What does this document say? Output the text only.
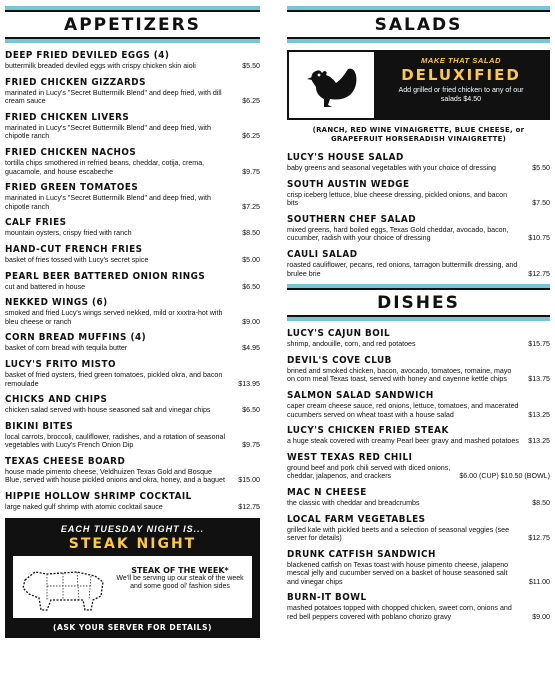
APPETIZERS
DEEP FRIED DEVILED EGGS (4)
buttermilk breaded deviled eggs with crispy chicken skin aioli	$5.50
FRIED CHICKEN GIZZARDS
marinated in Lucy's "Secret Buttermilk Blend" and deep fried, with dill cream sauce	$6.25
FRIED CHICKEN LIVERS
marinated in Lucy's "Secret Buttermilk Blend" and deep fried, with chipotle ranch	$6.25
FRIED CHICKEN NACHOS
tortilla chips smothered in refried beans, cheddar, cotija, crema, guacamole, and house escabeche	$9.75
FRIED GREEN TOMATOES
marinated in Lucy's "Secret Buttermilk Blend" and deep fried, with chipotle ranch	$7.25
CALF FRIES
mountain oysters, crispy fried with ranch	$8.50
HAND-CUT FRENCH FRIES
basket of fries tossed with Lucy's secret spice	$5.00
PEARL BEER BATTERED ONION RINGS
cut and battered in house	$6.50
NEKKED WINGS (6)
smoked and fried Lucy's wings served nekked, mild or xxxtra-hot with bleu cheese or ranch	$9.00
CORN BREAD MUFFINS (4)
basket of corn bread with tequila butter	$4.95
LUCY'S FRITO MISTO
basket of fried oysters, fried green tomatoes, pickled okra, and bacon remoulade	$13.95
CHICKS AND CHIPS
chicken salad served with house seasoned salt and vinegar chips	$6.50
BIKINI BITES
local carrots, broccoli, cauliflower, radishes, and a rotation of seasonal vegetables with Lucy's French Onion Dip	$9.75
TEXAS CHEESE BOARD
house made pimento cheese, Veldhuizen Texas Gold and Bosque Blue, served with house pickled onions and okra, honey, and a baguet	$15.00
HIPPIE HOLLOW SHRIMP COCKTAIL
large naked gulf shrimp with atomic cocktail sauce	$12.75
EACH TUESDAY NIGHT IS...
STEAK NIGHT
STEAK OF THE WEEK*
We'll be serving up our steak of the week and some good ol' fashion sides
(ASK YOUR SERVER FOR DETAILS)
SALADS
MAKE THAT SALAD
DELUXIFIED
Add grilled or fried chicken to any of our salads $4.50
(RANCH, RED WINE VINAIGRETTE, BLUE CHEESE, or GRAPEFRUIT HORSERADISH VINAIGRETTE)
LUCY'S HOUSE SALAD
baby greens and seasonal vegetables with your choice of dressing	$5.50
SOUTH AUSTIN WEDGE
crisp iceberg lettuce, blue cheese dressing, pickled onions, and bacon bits	$7.50
SOUTHERN CHEF SALAD
mixed greens, hard boiled eggs, Texas Gold cheddar, avocado, bacon, cucumber, radish with your choice of dressing	$10.75
CAULI SALAD
roasted cauliflower, pecans, red onions, tarragon buttermilk dressing, and brulee brie	$12.75
DISHES
LUCY'S CAJUN BOIL
shrimp, andouille, corn, and red potatoes	$15.75
DEVIL'S COVE CLUB
brined and smoked chicken, bacon, avocado, tomatoes, romaine, mayo on corn meal Texas toast, served with honey and cayenne kettle chips	$13.75
SALMON SALAD SANDWICH
caper cream cheese sauce, red onions, lettuce, tomatoes, and macerated cucumbers served on wheat toast with a house salad	$13.25
LUCY'S CHICKEN FRIED STEAK
a huge steak covered with creamy Pearl beer gravy and mashed potatoes	$13.25
WEST TEXAS RED CHILI
ground beef and pork chili served with diced onions, cheddar, jalapenos, and crackers	$6.00 (CUP) $10.50 (BOWL)
MAC N CHEESE
the classic with cheddar and breadcrumbs	$8.50
LOCAL FARM VEGETABLES
grilled kale with pickled beets and a selection of seasonal veggies (see server for details)	$12.75
DRUNK CATFISH SANDWICH
blackened catfish on Texas toast with house pimento cheese, jalapeno mescal jelly and cucumber served on a basket of house seasoned salt and vinegar chips	$11.00
BURN-IT BOWL
mashed potatoes topped with chopped chicken, sweet corn, onions and red bell peppers covered with poblano chorizo gravy	$9.00
